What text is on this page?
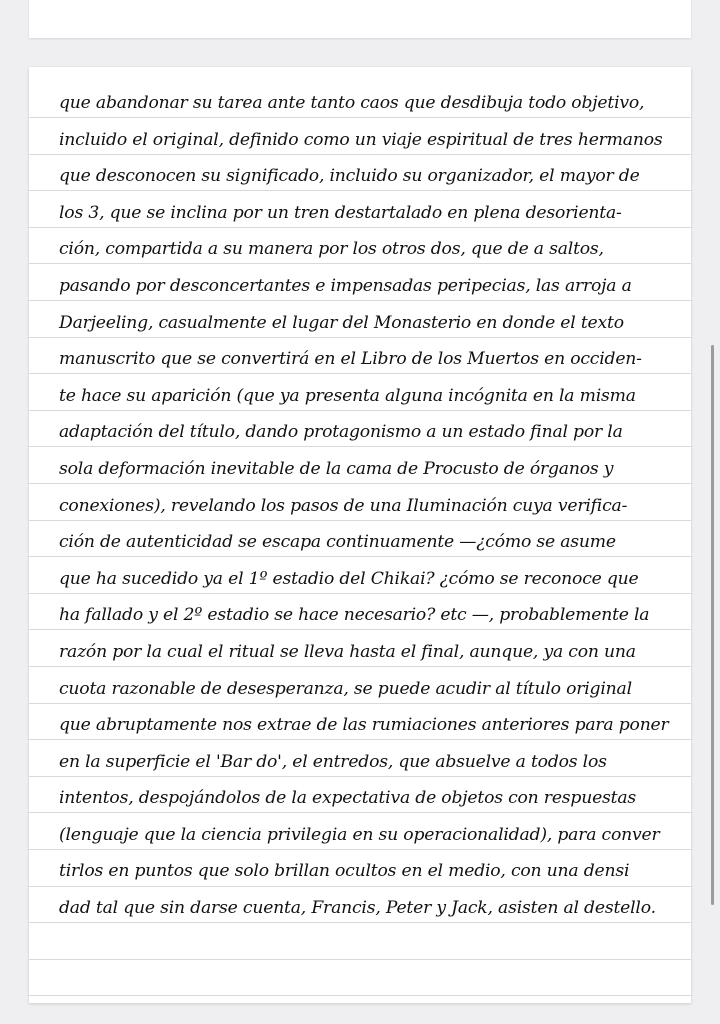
que abandonar su tarea ante tanto caos que desdibuja todo objetivo,
incluido el original, definido como un viaje espiritual de tres hermanos
que desconocen su significado, incluido su organizador, el mayor de
los 3, que se inclina por un tren destartalado en plena desorienta-
ción, compartida a su manera por los otros dos, que de a saltos,
pasando por desconcertantes e impensadas peripecias, las arroja a
Darjeeling, casualmente el lugar del Monasterio en donde el texto
manuscrito que se convertirá en el Libro de los Muertos en occiden-
te hace su aparición (que ya presenta alguna incógnita en la misma
adaptación del título, dando protagonismo a un estado final por la
sola deformación inevitable de la cama de Procusto de órganos y
conexiones), revelando los pasos de una Iluminación cuya verifica-
ción de autenticidad se escapa continuamente —¿cómo se asume
que ha sucedido ya el 1º estadio del Chikai? ¿cómo se reconoce que
ha fallado y el 2º estadio se hace necesario? etc —, probablemente la
razón por la cual el ritual se lleva hasta el final, aunque, ya con una
cuota razonable de desesperanza, se puede acudir al título original
que abruptamente nos extrae de las rumiaciones anteriores para poner
en la superficie el 'Bar do', el entredos, que absuelve a todos los
intentos, despojándolos de la expectativa de objetos con respuestas
(lenguaje que la ciencia privilegia en su operacionalidad), para conver
tirlos en puntos que solo brillan ocultos en el medio, con una densi
dad tal que sin darse cuenta, Francis, Peter y Jack, asisten al destello.
